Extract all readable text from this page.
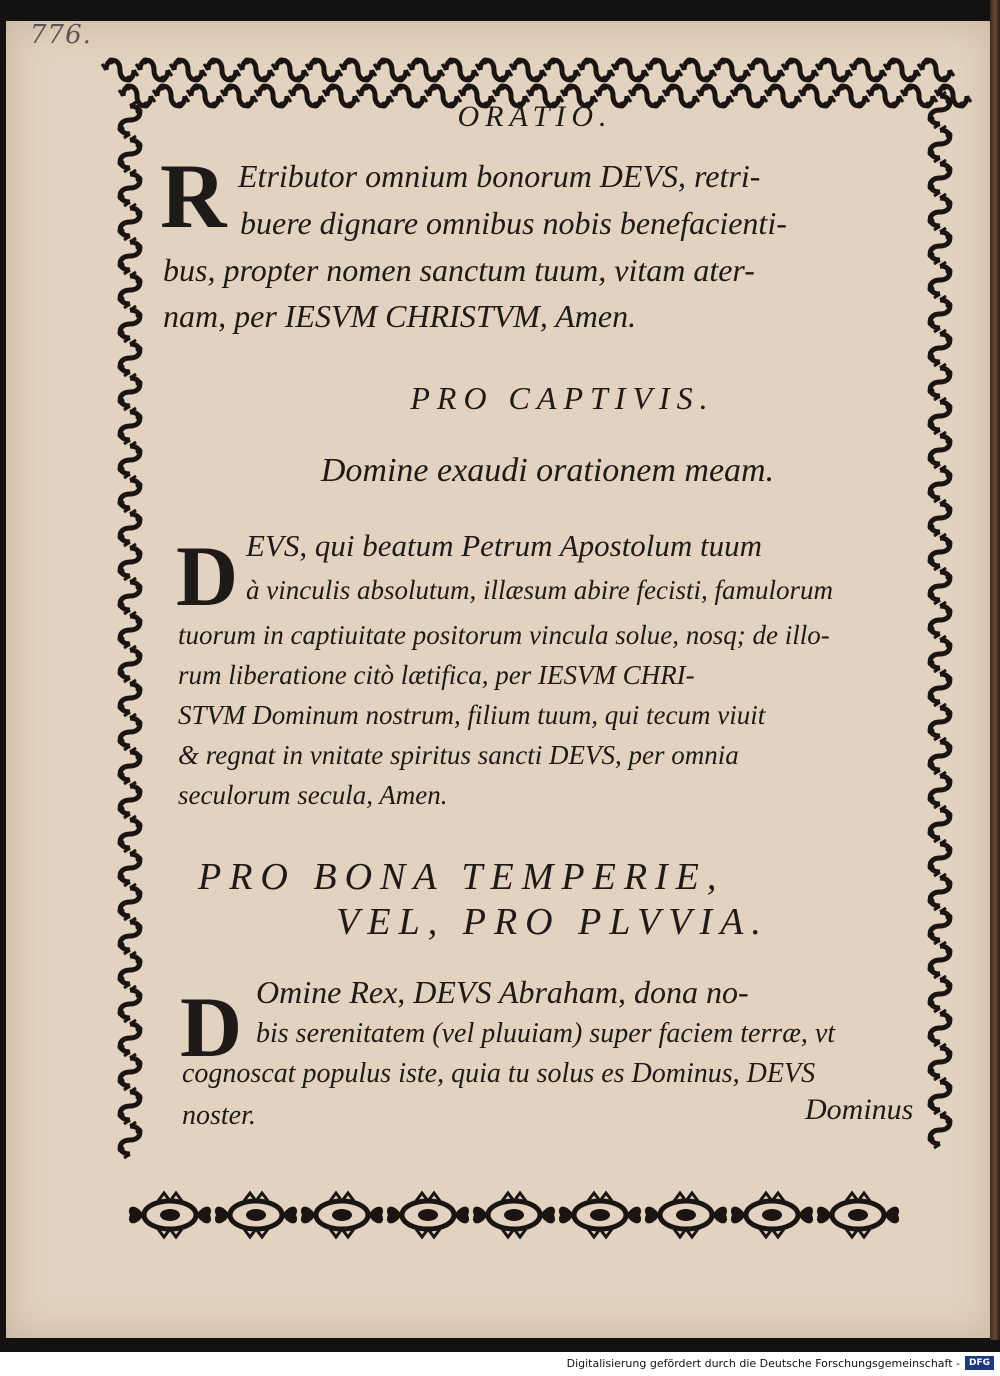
776.
ORATIO.
R Etributor omnium bonorum DEVS, retri-
buere dignare omnibus nobis benefacienti-
bus, propter nomen sanctum tuum, vitam ater-
nam, per IESVM CHRISTVM, Amen.
PRO CAPTIVIS.
Domine exaudi orationem meam.
D EVS, qui beatum Petrum Apostolum tuum
à vinculis absolutum, illæsum abire fecisti, famulorum
tuorum in captiuitate positorum vincula solue, nosq; de illo-
rum liberatione citò lætifica, per IESVM CHRI-
STVM Dominum nostrum, filium tuum, qui tecum viuit
& regnat in vnitate spiritus sancti DEVS, per omnia
seculorum secula, Amen.
PRO BONA TEMPERIE,
VEL, PRO PLVVIA.
D Omine Rex, DEVS Abraham, dona no-
bis serenitatem (vel pluuiam) super faciem terræ, vt
cognoscat populus iste, quia tu solus es Dominus, DEVS
noster.	Dominus
Digitalisierung gefördert durch die Deutsche Forschungsgemeinschaft - DFG
